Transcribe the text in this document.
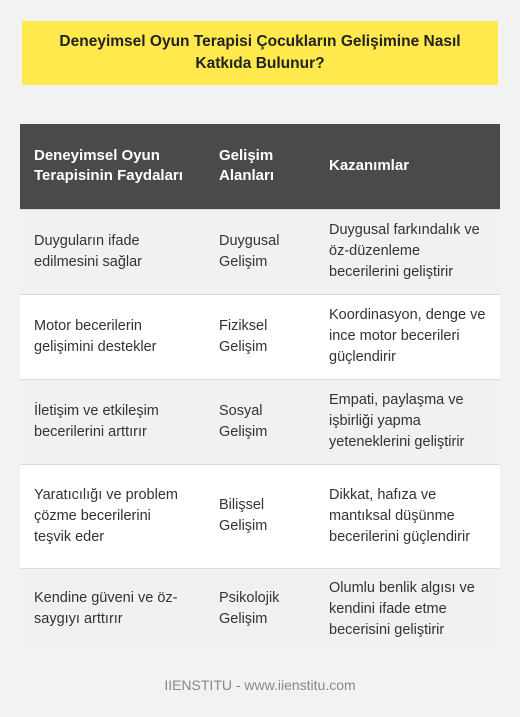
Deneyimsel Oyun Terapisi Çocukların Gelişimine Nasıl Katkıda Bulunur?
Deneyimsel Oyun Terapisinin Faydaları	Gelişim Alanları	Kazanımlar
Duyguların ifade edilmesini sağlar	Duygusal Gelişim	Duygusal farkındalık ve öz-düzenleme becerilerini geliştirir
Motor becerilerin gelişimini destekler	Fiziksel Gelişim	Koordinasyon, denge ve ince motor becerileri güçlendirir
İletişim ve etkileşim becerilerini arttırır	Sosyal Gelişim	Empati, paylaşma ve işbirliği yapma yeteneklerini geliştirir
Yaratıcılığı ve problem çözme becerilerini teşvik eder	Bilişsel Gelişim	Dikkat, hafıza ve mantıksal düşünme becerilerini güçlendirir
Kendine güveni ve öz-saygıyı arttırır	Psikolojik Gelişim	Olumlu benlik algısı ve kendini ifade etme becerisini geliştirir
IIENSTITU - www.iienstitu.com
